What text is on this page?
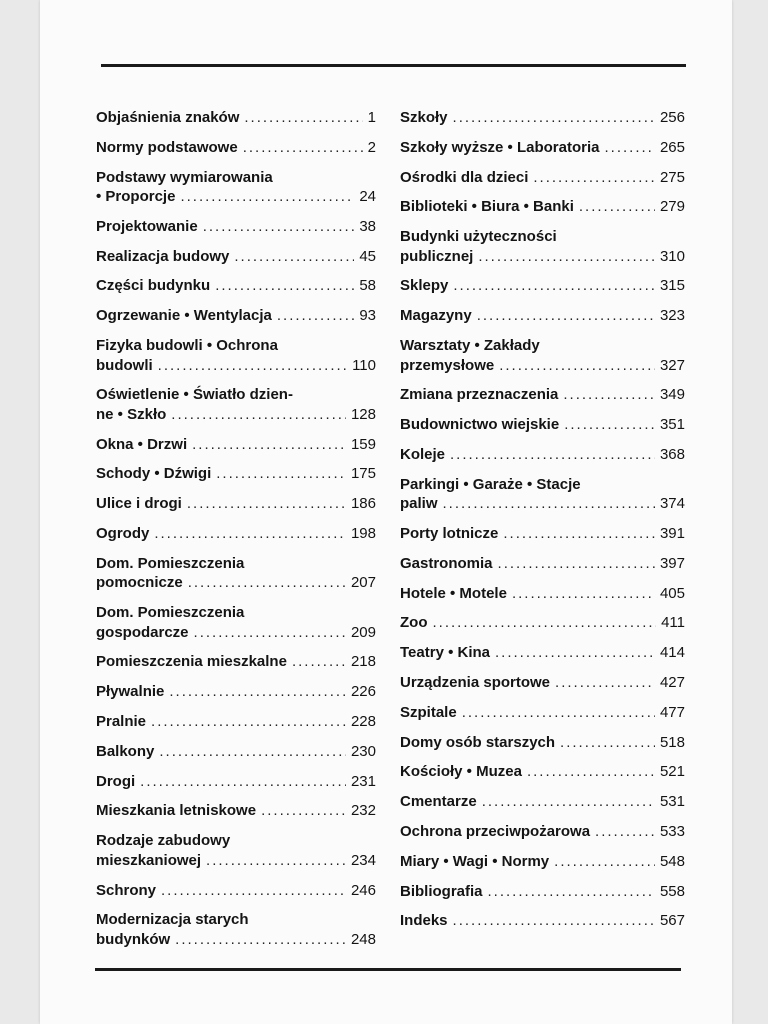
Objaśnienia znaków .....	1
Normy podstawowe .....	2
Podstawy wymiarowania
• Proporcje .....	24
Projektowanie .....	38
Realizacja budowy .....	45
Części budynku .....	58
Ogrzewanie • Wentylacja .....	93
Fizyka budowli • Ochrona
budowli .....	110
Oświetlenie • Światło dzien-
ne • Szkło .....	128
Okna • Drzwi .....	159
Schody • Dźwigi .....	175
Ulice i drogi .....	186
Ogrody .....	198
Dom. Pomieszczenia
pomocnicze .....	207
Dom. Pomieszczenia
gospodarcze .....	209
Pomieszczenia mieszkalne .....	218
Pływalnie .....	226
Pralnie .....	228
Balkony .....	230
Drogi .....	231
Mieszkania letniskowe .....	232
Rodzaje zabudowy
mieszkaniowej .....	234
Schrony .....	246
Modernizacja starych
budynków .....	248
Szkoły .....	256
Szkoły wyższe • Laboratoria .....	265
Ośrodki dla dzieci .....	275
Biblioteki • Biura • Banki .....	279
Budynki użyteczności
publicznej .....	310
Sklepy .....	315
Magazyny .....	323
Warsztaty • Zakłady
przemysłowe .....	327
Zmiana przeznaczenia .....	349
Budownictwo wiejskie .....	351
Koleje .....	368
Parkingi • Garaże • Stacje
paliw .....	374
Porty lotnicze .....	391
Gastronomia .....	397
Hotele • Motele .....	405
Zoo .....	411
Teatry • Kina .....	414
Urządzenia sportowe .....	427
Szpitale .....	477
Domy osób starszych .....	518
Kościoły • Muzea .....	521
Cmentarze .....	531
Ochrona przeciwpożarowa .....	533
Miary • Wagi • Normy .....	548
Bibliografia .....	558
Indeks .....	567
